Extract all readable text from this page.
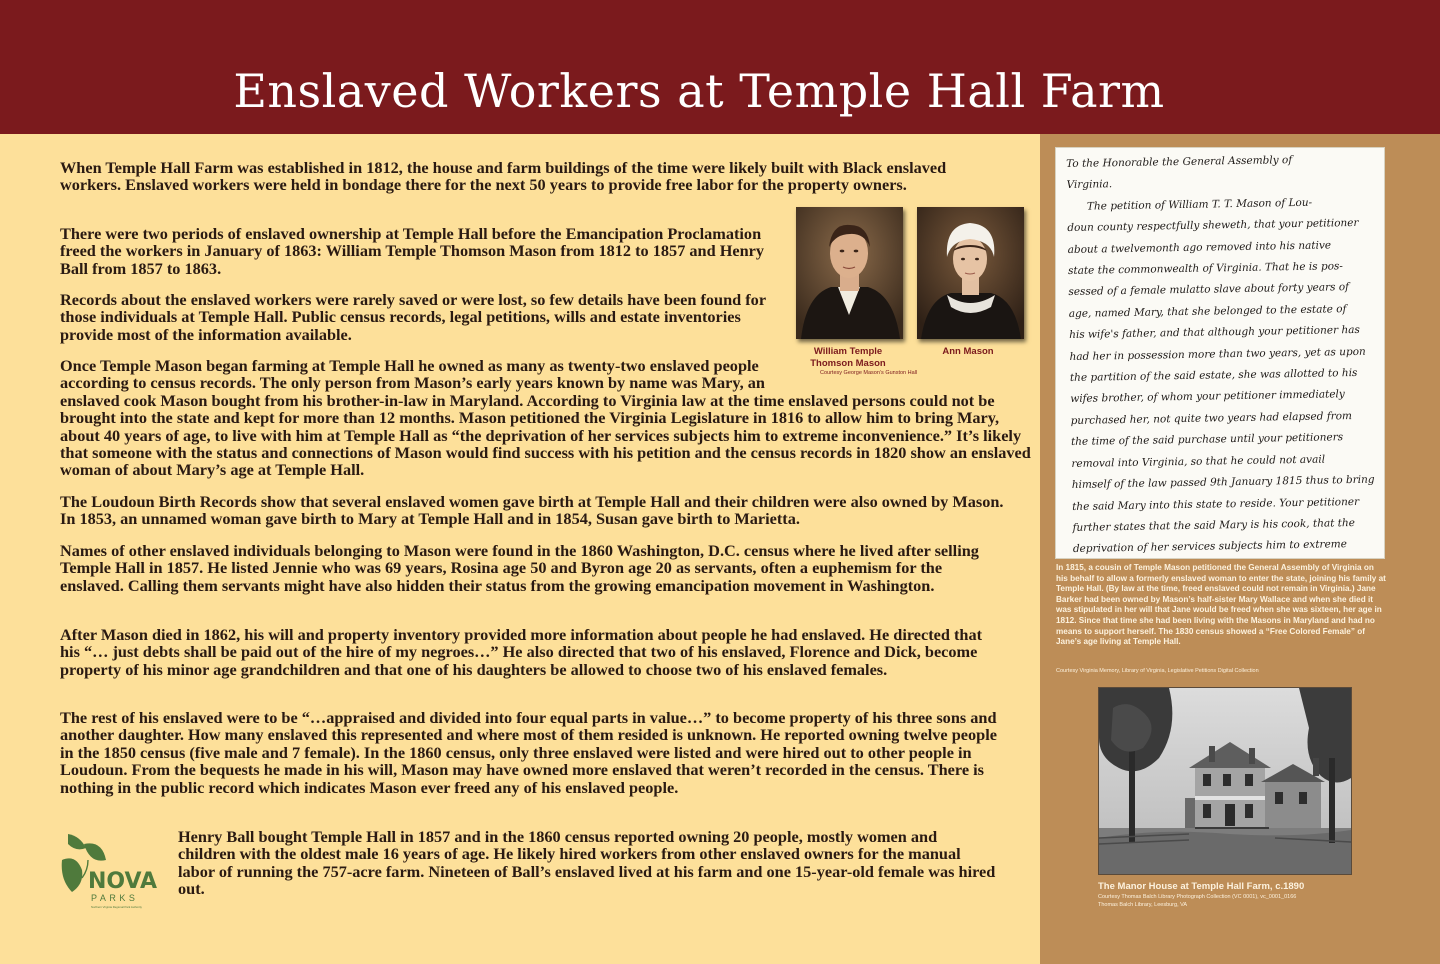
Enslaved Workers at Temple Hall Farm

When Temple Hall Farm was established in 1812, the house and farm buildings of the time were likely built with Black enslaved workers. Enslaved workers were held in bondage there for the next 50 years to provide free labor for the property owners.

There were two periods of enslaved ownership at Temple Hall before the Emancipation Proclamation freed the workers in January of 1863: William Temple Thomson Mason from 1812 to 1857 and Henry Ball from 1857 to 1863.

Records about the enslaved workers were rarely saved or were lost, so few details have been found for those individuals at Temple Hall. Public census records, legal petitions, wills and estate inventories provide most of the information available.

Once Temple Mason began farming at Temple Hall he owned as many as twenty-two enslaved people according to census records. The only person from Mason’s early years known by name was Mary, an enslaved cook Mason bought from his brother-in-law in Maryland. According to Virginia law at the time enslaved persons could not be brought into the state and kept for more than 12 months. Mason petitioned the Virginia Legislature in 1816 to allow him to bring Mary, about 40 years of age, to live with him at Temple Hall as “the deprivation of her services subjects him to extreme inconvenience.” It’s likely that someone with the status and connections of Mason would find success with his petition and the census records in 1820 show an enslaved woman of about Mary’s age at Temple Hall.

The Loudoun Birth Records show that several enslaved women gave birth at Temple Hall and their children were also owned by Mason. In 1853, an unnamed woman gave birth to Mary at Temple Hall and in 1854, Susan gave birth to Marietta.

Names of other enslaved individuals belonging to Mason were found in the 1860 Washington, D.C. census where he lived after selling Temple Hall in 1857. He listed Jennie who was 69 years, Rosina age 50 and Byron age 20 as servants, often a euphemism for the enslaved. Calling them servants might have also hidden their status from the growing emancipation movement in Washington.

After Mason died in 1862, his will and property inventory provided more information about people he had enslaved. He directed that his “… just debts shall be paid out of the hire of my negroes…” He also directed that two of his enslaved, Florence and Dick, become property of his minor age grandchildren and that one of his daughters be allowed to choose two of his enslaved females.

The rest of his enslaved were to be “…appraised and divided into four equal parts in value…” to become property of his three sons and another daughter. How many enslaved this represented and where most of them resided is unknown. He reported owning twelve people in the 1850 census (five male and 7 female). In the 1860 census, only three enslaved were listed and were hired out to other people in Loudoun. From the bequests he made in his will, Mason may have owned more enslaved that weren’t recorded in the census. There is nothing in the public record which indicates Mason ever freed any of his enslaved people.

Henry Ball bought Temple Hall in 1857 and in the 1860 census reported owning 20 people, mostly women and children with the oldest male 16 years of age. He likely hired workers from other enslaved owners for the manual labor of running the 757-acre farm. Nineteen of Ball’s enslaved lived at his farm and one 15-year-old female was hired out.

William Temple Thomson Mason
Ann Mason
Courtesy George Mason’s Gunston Hall
To the Honorable the General Assembly of
Virginia.
The petition of William T. T. Mason of Lou-
doun county respectfully sheweth, that your petitioner
about a twelvemonth ago removed into his native
state the commonwealth of Virginia. That he is pos-
sessed of a female mulatto slave about forty years of
age, named Mary, that she belonged to the estate of
his wife's father, and that although your petitioner has
had her in possession more than two years, yet as upon
the partition of the said estate, she was allotted to his
wifes brother, of whom your petitioner immediately
purchased her, not quite two years had elapsed from
the time of the said purchase until your petitioners
removal into Virginia, so that he could not avail
himself of the law passed 9th January 1815 thus to bring
the said Mary into this state to reside. Your petitioner
further states that the said Mary is his cook, that the
deprivation of her services subjects him to extreme

In 1815, a cousin of Temple Mason petitioned the General Assembly of Virginia on his behalf to allow a formerly enslaved woman to enter the state, joining his family at Temple Hall. (By law at the time, freed enslaved could not remain in Virginia.) Jane Barker had been owned by Mason’s half-sister Mary Wallace and when she died it was stipulated in her will that Jane would be freed when she was sixteen, her age in 1812. Since that time she had been living with the Masons in Maryland and had no means to support herself. The 1830 census showed a “Free Colored Female” of Jane’s age living at Temple Hall.

Courtesy Virginia Memory, Library of Virginia, Legislative Petitions Digital Collection
The Manor House at Temple Hall Farm, c.1890
Courtesy Thomas Balch Library Photograph Collection (VC 0001), vc_0001_0166
Thomas Balch Library, Leesburg, VA
NOVA
PARKS
Northern Virginia Regional Park Authority
